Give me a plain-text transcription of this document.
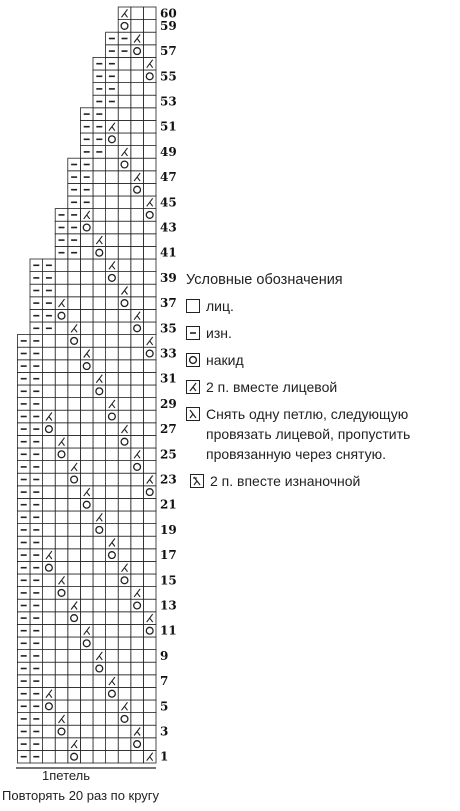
1
3
5
7
9
11
13
15
17
19
21
23
25
27
29
31
33
35
37
39
41
43
45
47
49
51
53
55
57
59
60
Условные обозначения
лиц.
изн.
накид
2 п. вместе лицевой
Снять одну петлю, следующую провязать лицевой, пропустить провязанную через снятую.
2 п. впесте изнаночной
1петель
Повторять 20 раз по кругу
